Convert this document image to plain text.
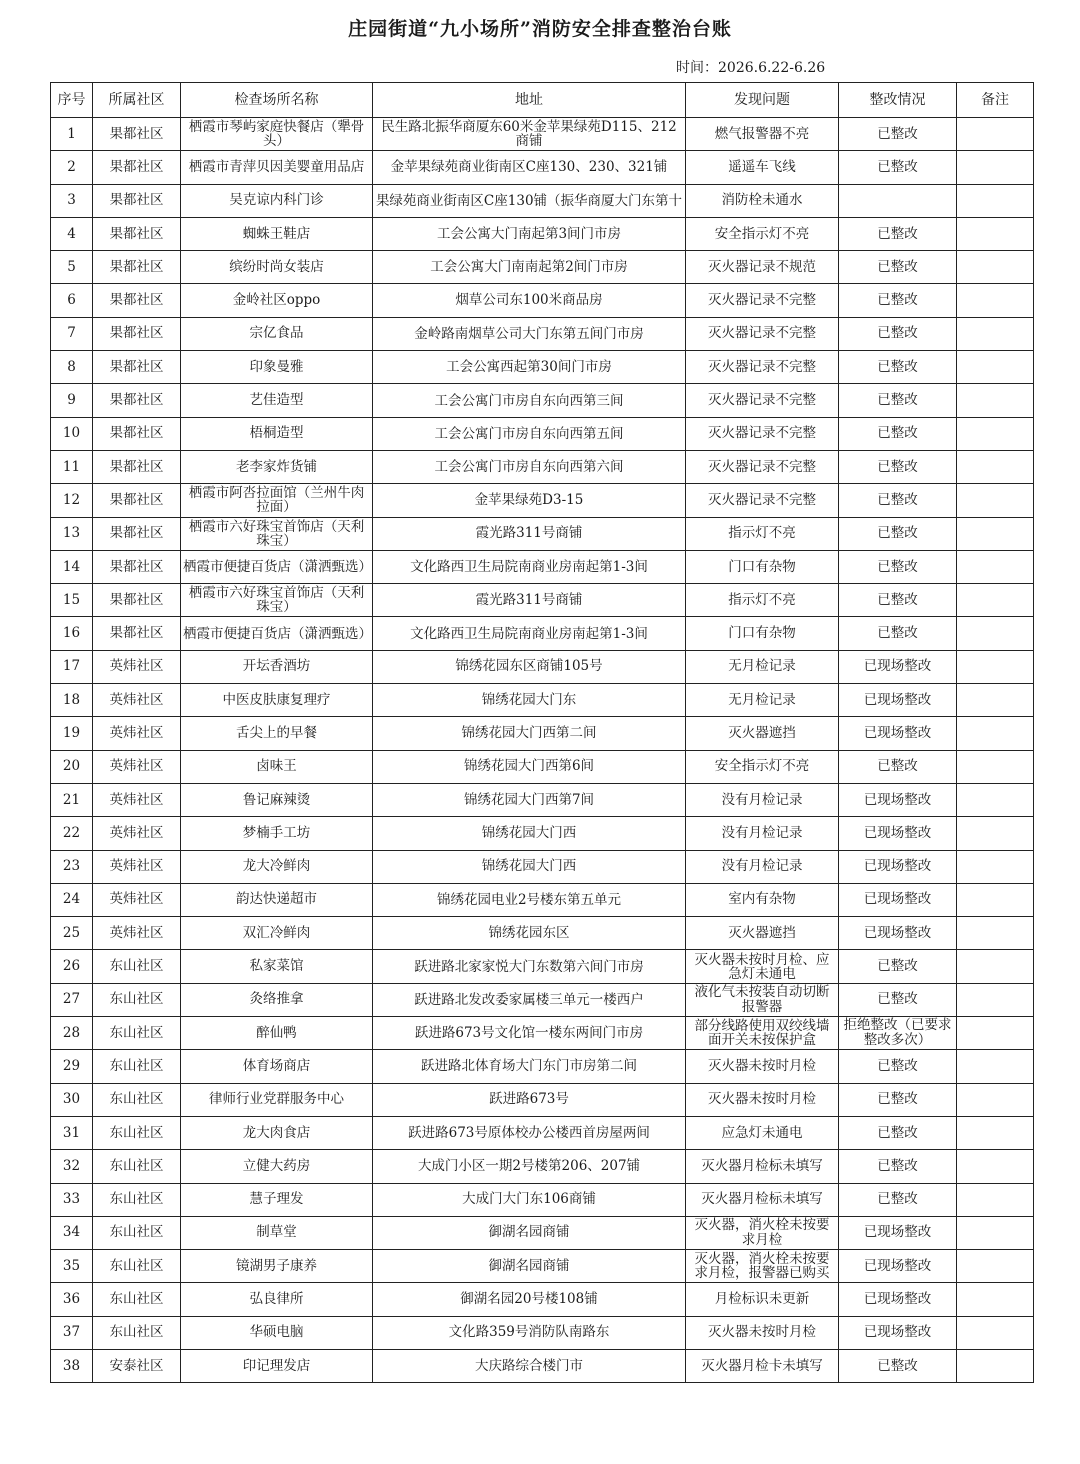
庄园街道“九小场所”消防安全排查整治台账
时间：2026.6.22-6.26
序号	所属社区	检查场所名称	地址	发现问题	整改情况	备注
1	果都社区	栖霞市琴屿家庭快餐店（犟骨头）	民生路北振华商厦东60米金苹果绿苑D115、212商铺	燃气报警器不亮	已整改	
2	果都社区	栖霞市青萍贝因美婴童用品店	金苹果绿苑商业街南区C座130、230、321铺	遥遥车飞线	已整改	
3	果都社区	吴克谅内科门诊	果绿苑商业街南区C座130铺（振华商厦大门东第十	消防栓未通水		
4	果都社区	蜘蛛王鞋店	工会公寓大门南起第3间门市房	安全指示灯不亮	已整改	
5	果都社区	缤纷时尚女装店	工会公寓大门南南起第2间门市房	灭火器记录不规范	已整改	
6	果都社区	金岭社区oppo	烟草公司东100米商品房	灭火器记录不完整	已整改	
7	果都社区	宗亿食品	金岭路南烟草公司大门东第五间门市房	灭火器记录不完整	已整改	
8	果都社区	印象曼雅	工会公寓西起第30间门市房	灭火器记录不完整	已整改	
9	果都社区	艺佳造型	工会公寓门市房自东向西第三间	灭火器记录不完整	已整改	
10	果都社区	梧桐造型	工会公寓门市房自东向西第五间	灭火器记录不完整	已整改	
11	果都社区	老李家炸货铺	工会公寓门市房自东向西第六间	灭火器记录不完整	已整改	
12	果都社区	栖霞市阿呇拉面馆（兰州牛肉拉面）	金苹果绿苑D3-15	灭火器记录不完整	已整改	
13	果都社区	栖霞市六好珠宝首饰店（天利珠宝）	霞光路311号商铺	指示灯不亮	已整改	
14	果都社区	栖霞市便捷百货店（潇洒甄选）	文化路西卫生局院南商业房南起第1-3间	门口有杂物	已整改	
15	果都社区	栖霞市六好珠宝首饰店（天利珠宝）	霞光路311号商铺	指示灯不亮	已整改	
16	果都社区	栖霞市便捷百货店（潇洒甄选）	文化路西卫生局院南商业房南起第1-3间	门口有杂物	已整改	
17	英炜社区	开坛香酒坊	锦绣花园东区商铺105号	无月检记录	已现场整改	
18	英炜社区	中医皮肤康复理疗	锦绣花园大门东	无月检记录	已现场整改	
19	英炜社区	舌尖上的早餐	锦绣花园大门西第二间	灭火器遮挡	已现场整改	
20	英炜社区	卤味王	锦绣花园大门西第6间	安全指示灯不亮	已整改	
21	英炜社区	鲁记麻辣烫	锦绣花园大门西第7间	没有月检记录	已现场整改	
22	英炜社区	梦楠手工坊	锦绣花园大门西	没有月检记录	已现场整改	
23	英炜社区	龙大冷鲜肉	锦绣花园大门西	没有月检记录	已现场整改	
24	英炜社区	韵达快递超市	锦绣花园电业2号楼东第五单元	室内有杂物	已现场整改	
25	英炜社区	双汇冷鲜肉	锦绣花园东区	灭火器遮挡	已现场整改	
26	东山社区	私家菜馆	跃进路北家家悦大门东数第六间门市房	灭火器未按时月检、应急灯未通电	已整改	
27	东山社区	灸络推拿	跃进路北发改委家属楼三单元一楼西户	液化气未按装自动切断报警器	已整改	
28	东山社区	醉仙鸭	跃进路673号文化馆一楼东两间门市房	部分线路使用双绞线墙面开关未按保护盒	拒绝整改（已要求整改多次）	
29	东山社区	体育场商店	跃进路北体育场大门东门市房第二间	灭火器未按时月检	已整改	
30	东山社区	律师行业党群服务中心	跃进路673号	灭火器未按时月检	已整改	
31	东山社区	龙大肉食店	跃进路673号原体校办公楼西首房屋两间	应急灯未通电	已整改	
32	东山社区	立健大药房	大成门小区一期2号楼第206、207铺	灭火器月检标未填写	已整改	
33	东山社区	慧子理发	大成门大门东106商铺	灭火器月检标未填写	已整改	
34	东山社区	制草堂	御湖名园商铺	灭火器，消火栓未按要求月检	已现场整改	
35	东山社区	镜湖男子康养	御湖名园商铺	灭火器，消火栓未按要求月检，报警器已购买	已现场整改	
36	东山社区	弘良律所	御湖名园20号楼108铺	月检标识未更新	已现场整改	
37	东山社区	华硕电脑	文化路359号消防队南路东	灭火器未按时月检	已现场整改	
38	安泰社区	印记理发店	大庆路综合楼门市	灭火器月检卡未填写	已整改	
